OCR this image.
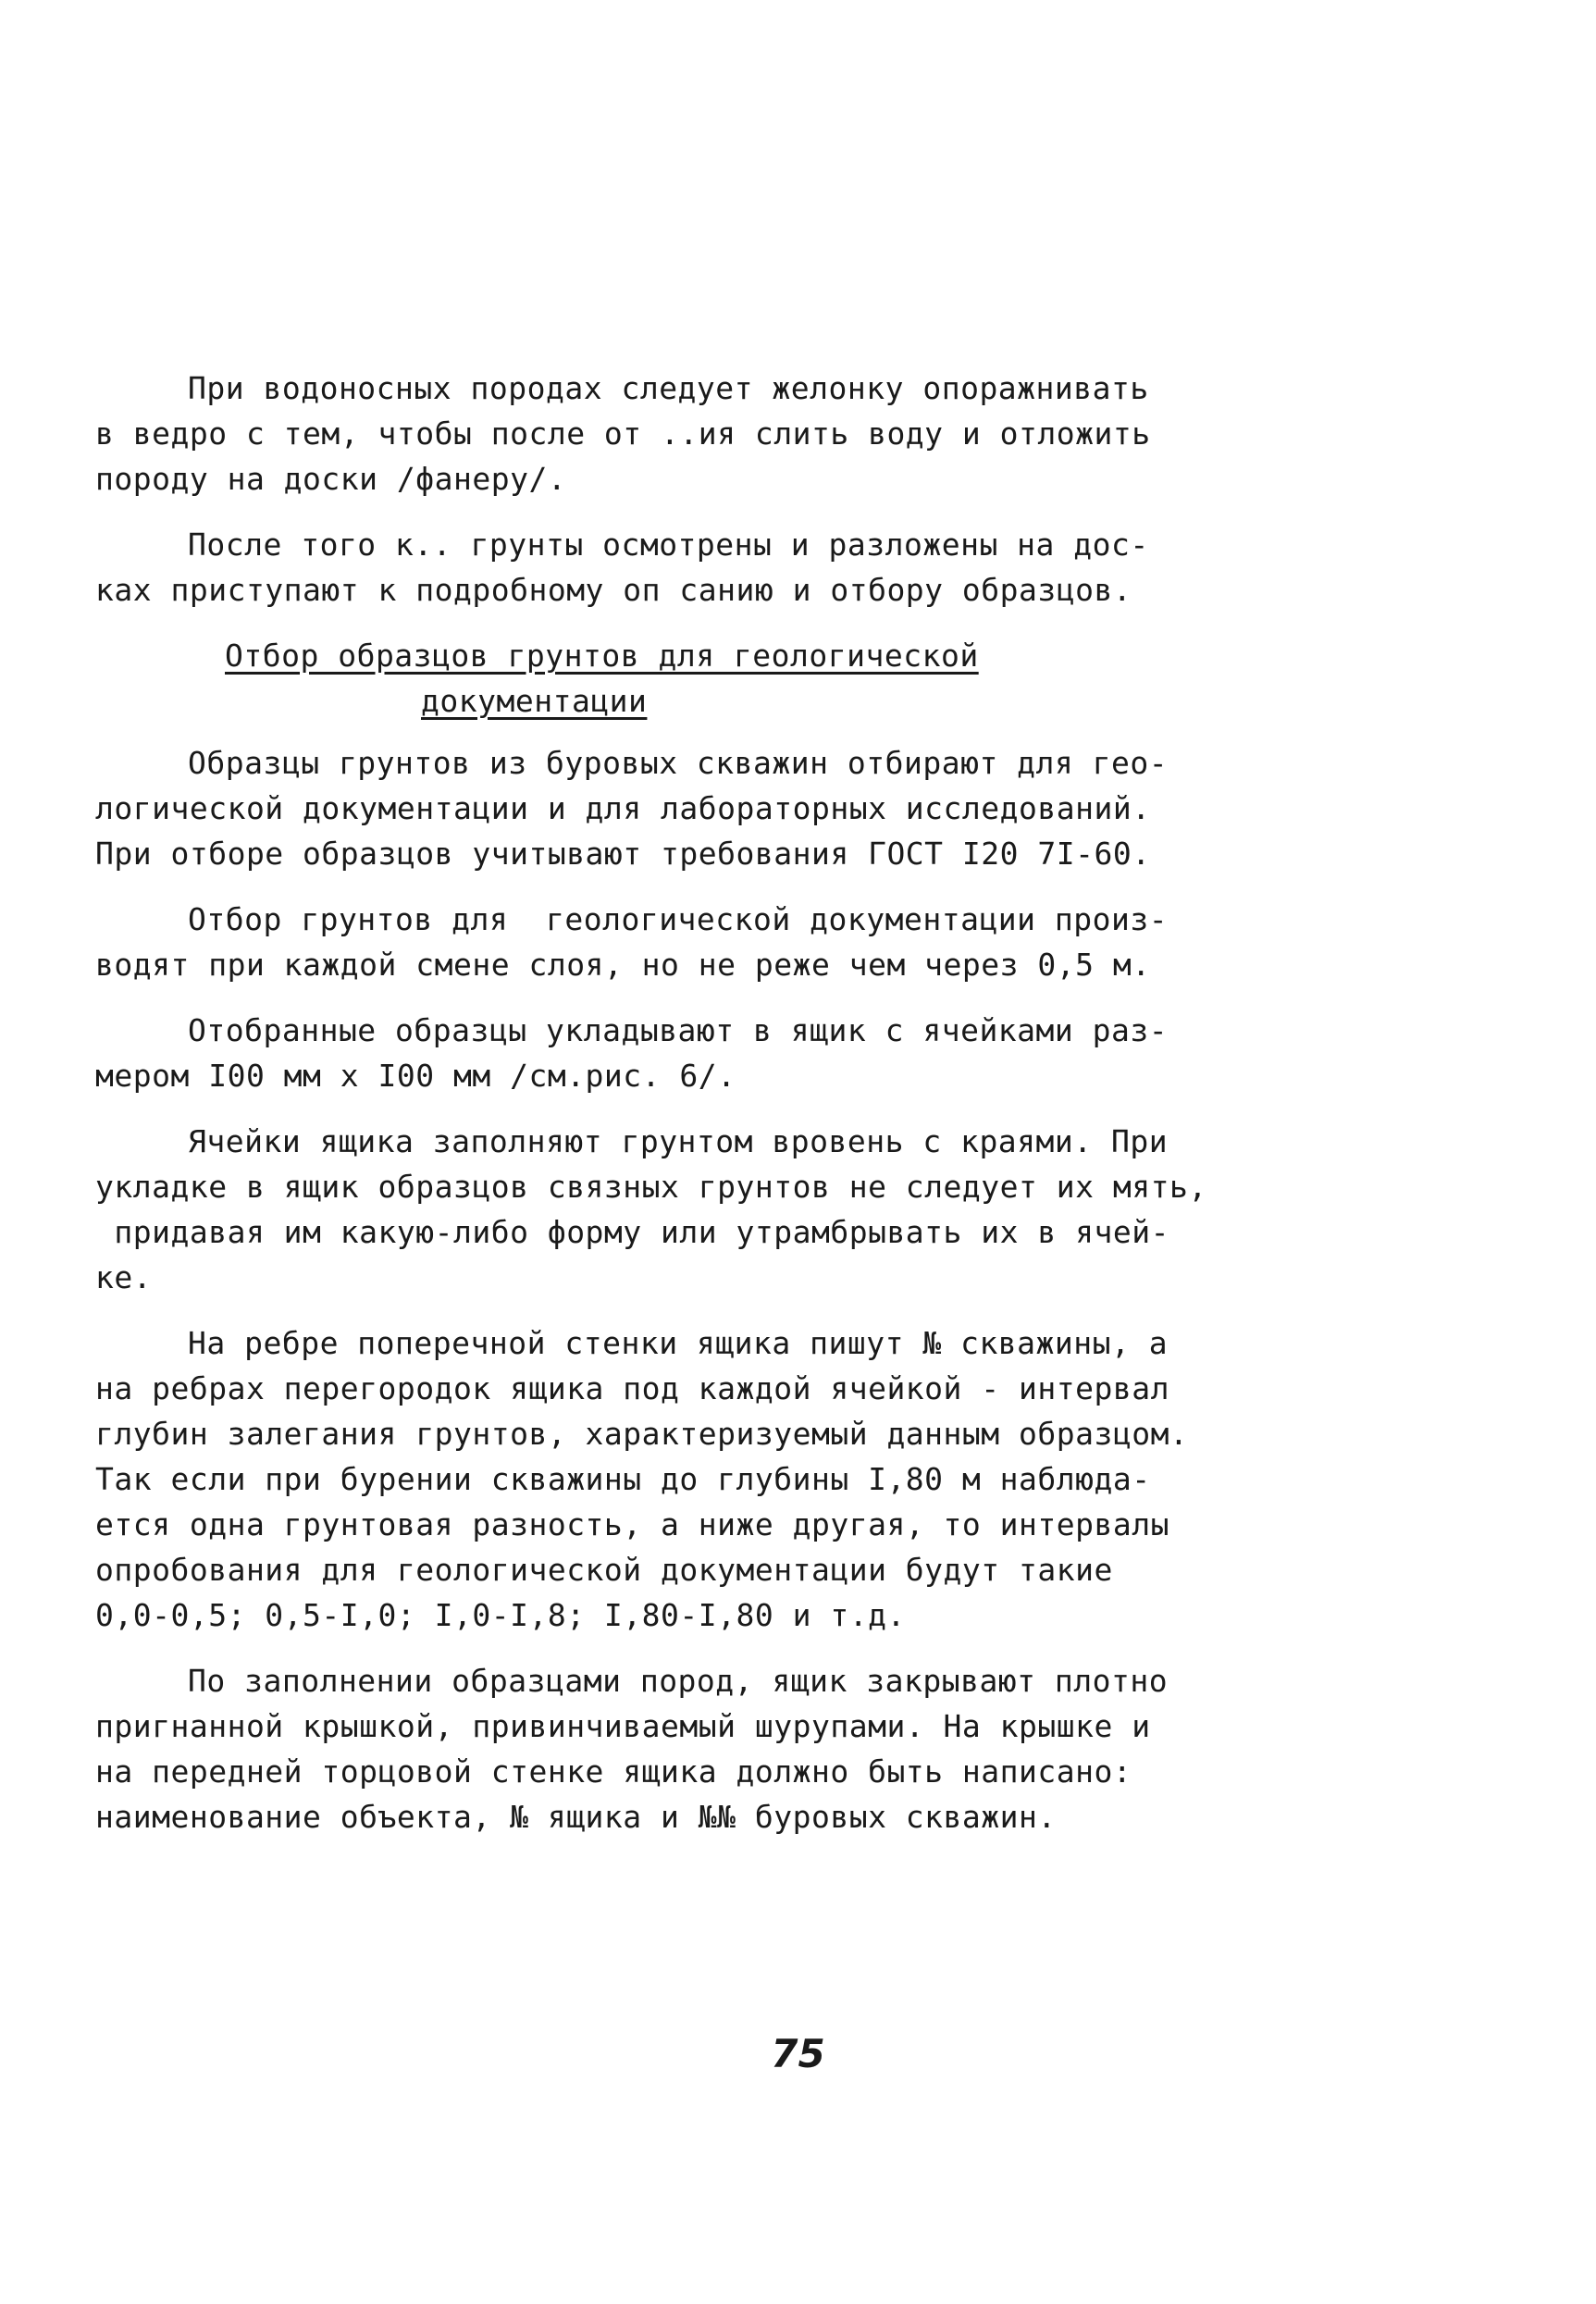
При водоносных породах следует желонку опоражнивать
в ведро с тем, чтобы после от ..ия слить воду и отложить
породу на доски /фанеру/.

После того к.. грунты осмотрены и разложены на дос-
ках приступают к подробному оп санию и отбору образцов.

Отбор образцов грунтов для геологической
документации

Образцы грунтов из буровых скважин отбирают для гео-
логической документации и для лабораторных исследований.
При отборе образцов учитывают требования ГОСТ I20 7I-60.

Отбор грунтов для  геологической документации произ-
водят при каждой смене слоя, но не реже чем через 0,5 м.

Отобранные образцы укладывают в ящик с ячейками раз-
мером I00 мм х I00 мм /см.рис. 6/.

Ячейки ящика заполняют грунтом вровень с краями. При
укладке в ящик образцов связных грунтов не следует их мять,
придавая им какую-либо форму или утрамбрывать их в ячей-
ке.

На ребре поперечной стенки ящика пишут № скважины, а
на ребрах перегородок ящика под каждой ячейкой - интервал
глубин залегания грунтов, характеризуемый данным образцом.
Так если при бурении скважины до глубины I,80 м наблюда-
ется одна грунтовая разность, а ниже другая, то интервалы
опробования для геологической документации будут такие
0,0-0,5; 0,5-I,0; I,0-I,8; I,80-I,80 и т.д.

По заполнении образцами пород, ящик закрывают плотно
пригнанной крышкой, привинчиваемый шурупами. На крышке и
на передней торцовой стенке ящика должно быть написано:
наименование объекта, № ящика и №№ буровых скважин.

75
